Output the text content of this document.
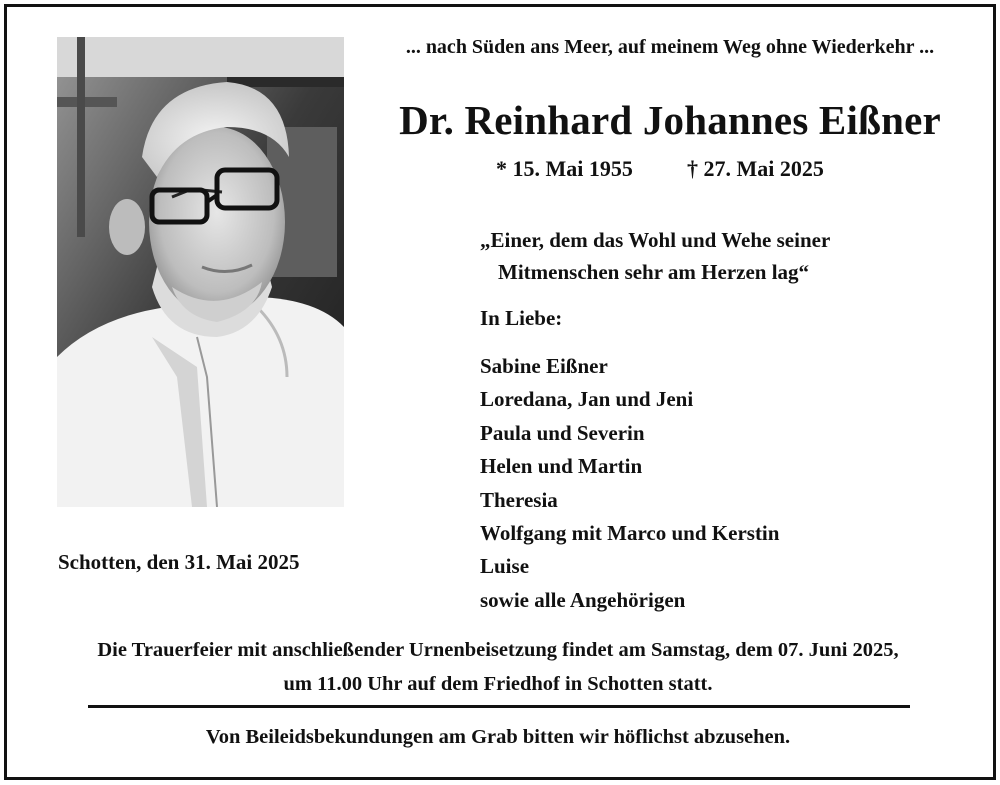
... nach Süden ans Meer, auf meinem Weg ohne Wiederkehr ...
Dr. Reinhard Johannes Eißner
* 15. Mai 1955 † 27. Mai 2025
„Einer, dem das Wohl und Wehe seiner
Mitmenschen sehr am Herzen lag“
In Liebe:
Sabine Eißner
Loredana, Jan und Jeni
Paula und Severin
Helen und Martin
Theresia
Wolfgang mit Marco und Kerstin
Luise
sowie alle Angehörigen
Schotten, den 31. Mai 2025
Die Trauerfeier mit anschließender Urnenbeisetzung findet am Samstag, dem 07. Juni 2025,
um 11.00 Uhr auf dem Friedhof in Schotten statt.
Von Beileidsbekundungen am Grab bitten wir höflichst abzusehen.
